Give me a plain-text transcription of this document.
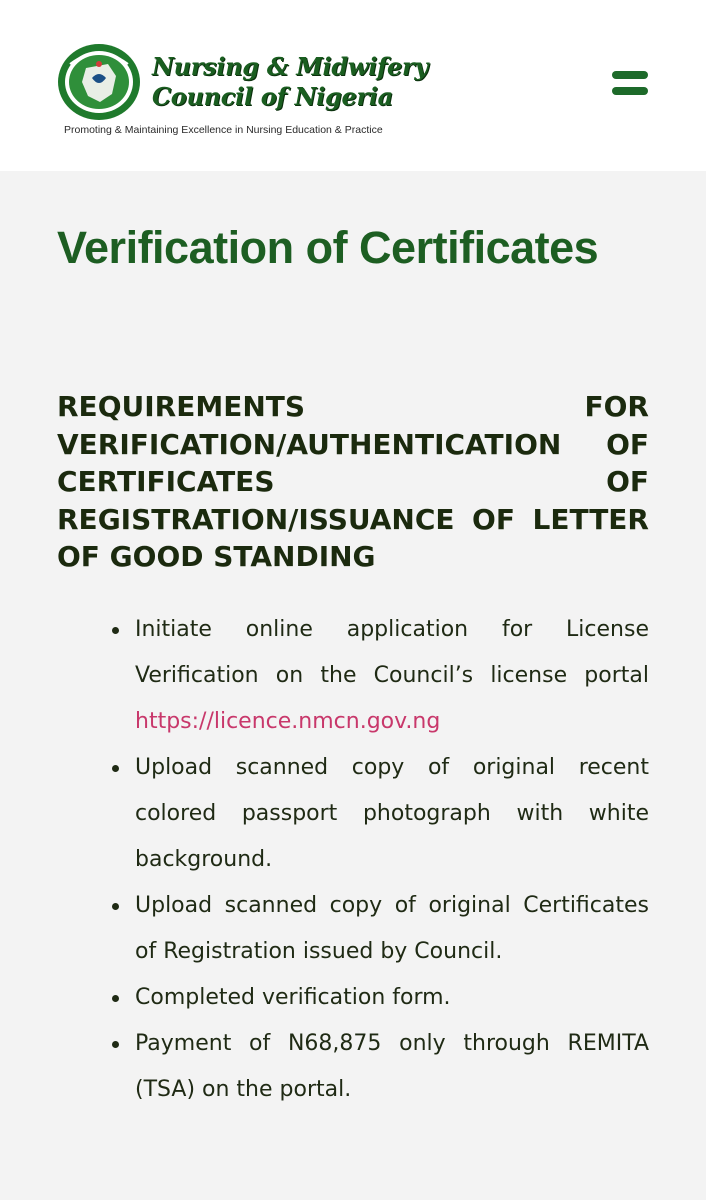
Nursing & Midwifery
Council of Nigeria
Promoting & Maintaining Excellence in Nursing Education & Practice
Verification of Certificates
REQUIREMENTS FOR VERIFICATION/AUTHENTICATION OF CERTIFICATES OF REGISTRATION/ISSUANCE OF LETTER OF GOOD STANDING
Initiate online application for License Verification on the Council’s license portal https://licence.nmcn.gov.ng
Upload scanned copy of original recent colored passport photograph with white background.
Upload scanned copy of original Certificates of Registration issued by Council.
Completed verification form.
Payment of N68,875 only through REMITA (TSA) on the portal.
